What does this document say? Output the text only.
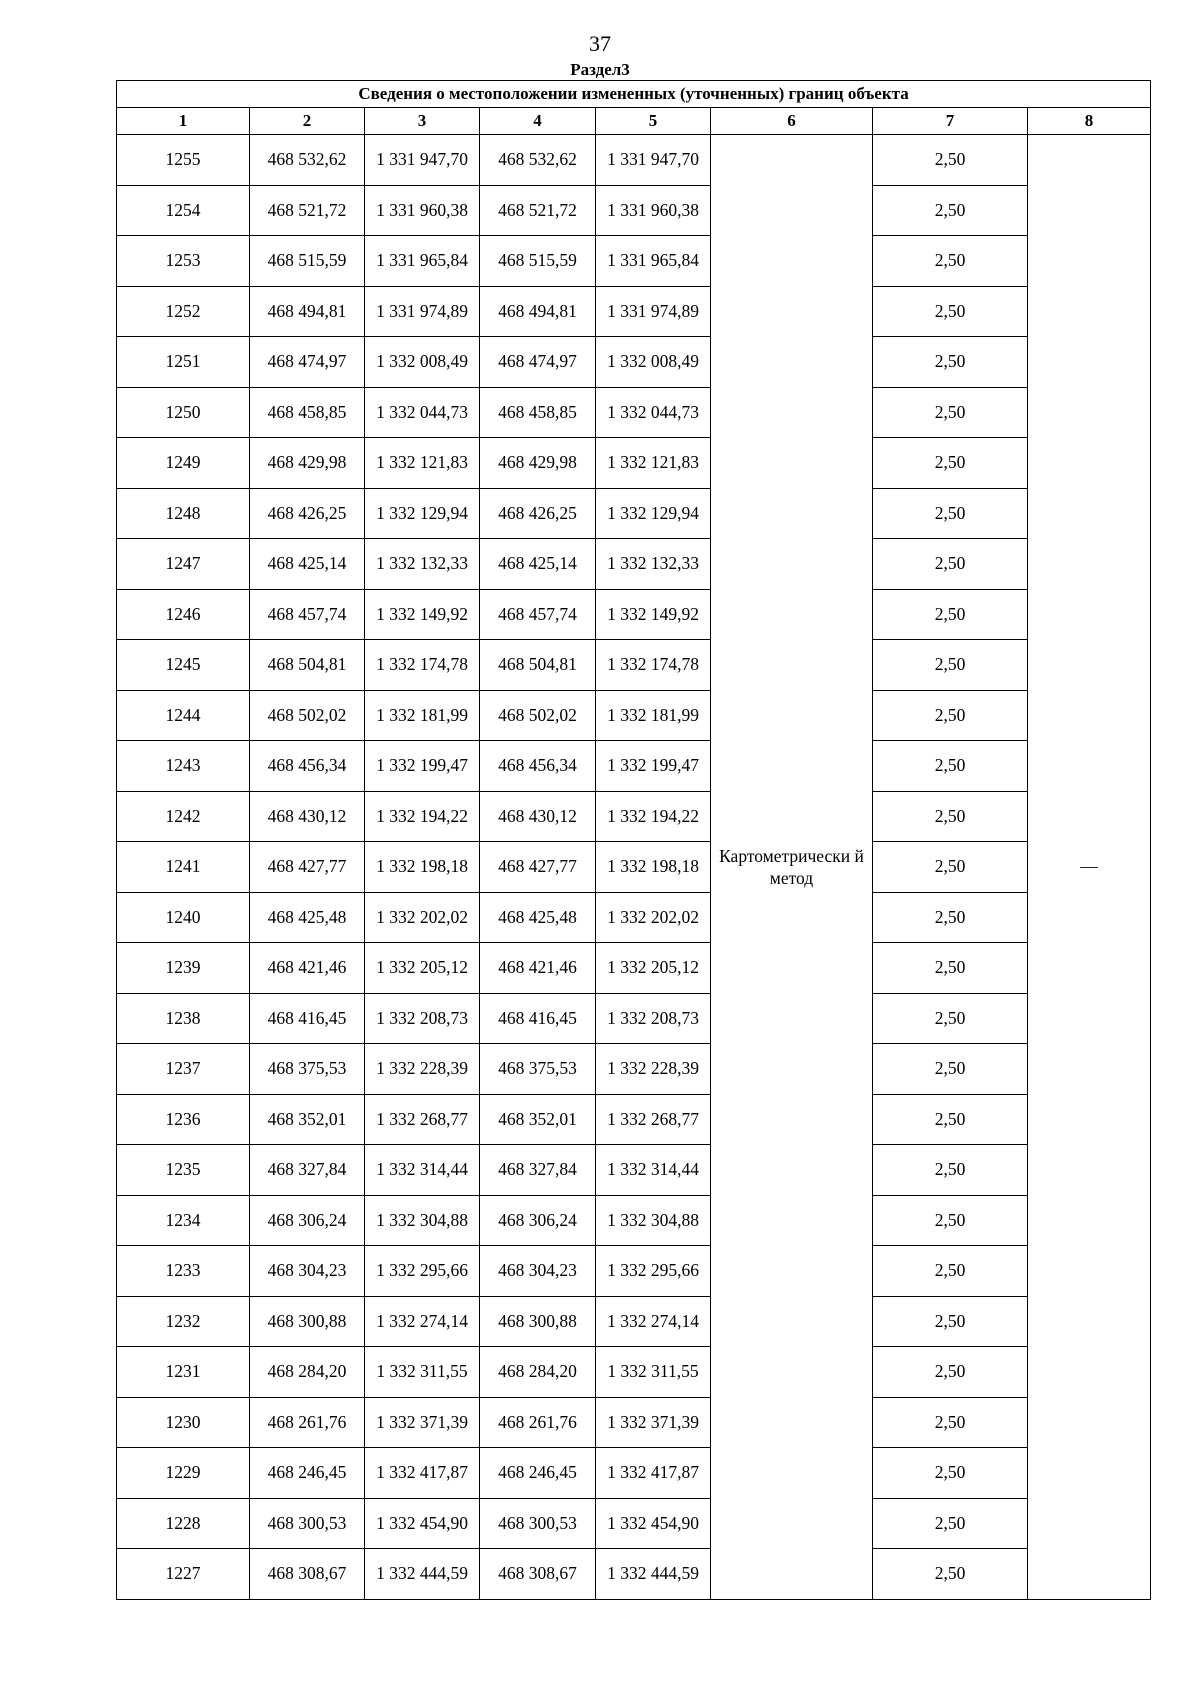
37
Раздел3
Сведения о местоположении измененных (уточненных) границ объекта							
1	2	3	4	5	6	7	8
1255	468 532,62	1 331 947,70	468 532,62	1 331 947,70	Картометрически й метод	2,50	—
1254	468 521,72	1 331 960,38	468 521,72	1 331 960,38		2,50	
1253	468 515,59	1 331 965,84	468 515,59	1 331 965,84		2,50	
1252	468 494,81	1 331 974,89	468 494,81	1 331 974,89		2,50	
1251	468 474,97	1 332 008,49	468 474,97	1 332 008,49		2,50	
1250	468 458,85	1 332 044,73	468 458,85	1 332 044,73		2,50	
1249	468 429,98	1 332 121,83	468 429,98	1 332 121,83		2,50	
1248	468 426,25	1 332 129,94	468 426,25	1 332 129,94		2,50	
1247	468 425,14	1 332 132,33	468 425,14	1 332 132,33		2,50	
1246	468 457,74	1 332 149,92	468 457,74	1 332 149,92		2,50	
1245	468 504,81	1 332 174,78	468 504,81	1 332 174,78		2,50	
1244	468 502,02	1 332 181,99	468 502,02	1 332 181,99		2,50	
1243	468 456,34	1 332 199,47	468 456,34	1 332 199,47		2,50	
1242	468 430,12	1 332 194,22	468 430,12	1 332 194,22		2,50	
1241	468 427,77	1 332 198,18	468 427,77	1 332 198,18		2,50	
1240	468 425,48	1 332 202,02	468 425,48	1 332 202,02		2,50	
1239	468 421,46	1 332 205,12	468 421,46	1 332 205,12		2,50	
1238	468 416,45	1 332 208,73	468 416,45	1 332 208,73		2,50	
1237	468 375,53	1 332 228,39	468 375,53	1 332 228,39		2,50	
1236	468 352,01	1 332 268,77	468 352,01	1 332 268,77		2,50	
1235	468 327,84	1 332 314,44	468 327,84	1 332 314,44		2,50	
1234	468 306,24	1 332 304,88	468 306,24	1 332 304,88		2,50	
1233	468 304,23	1 332 295,66	468 304,23	1 332 295,66		2,50	
1232	468 300,88	1 332 274,14	468 300,88	1 332 274,14		2,50	
1231	468 284,20	1 332 311,55	468 284,20	1 332 311,55		2,50	
1230	468 261,76	1 332 371,39	468 261,76	1 332 371,39		2,50	
1229	468 246,45	1 332 417,87	468 246,45	1 332 417,87		2,50	
1228	468 300,53	1 332 454,90	468 300,53	1 332 454,90		2,50	
1227	468 308,67	1 332 444,59	468 308,67	1 332 444,59		2,50	
